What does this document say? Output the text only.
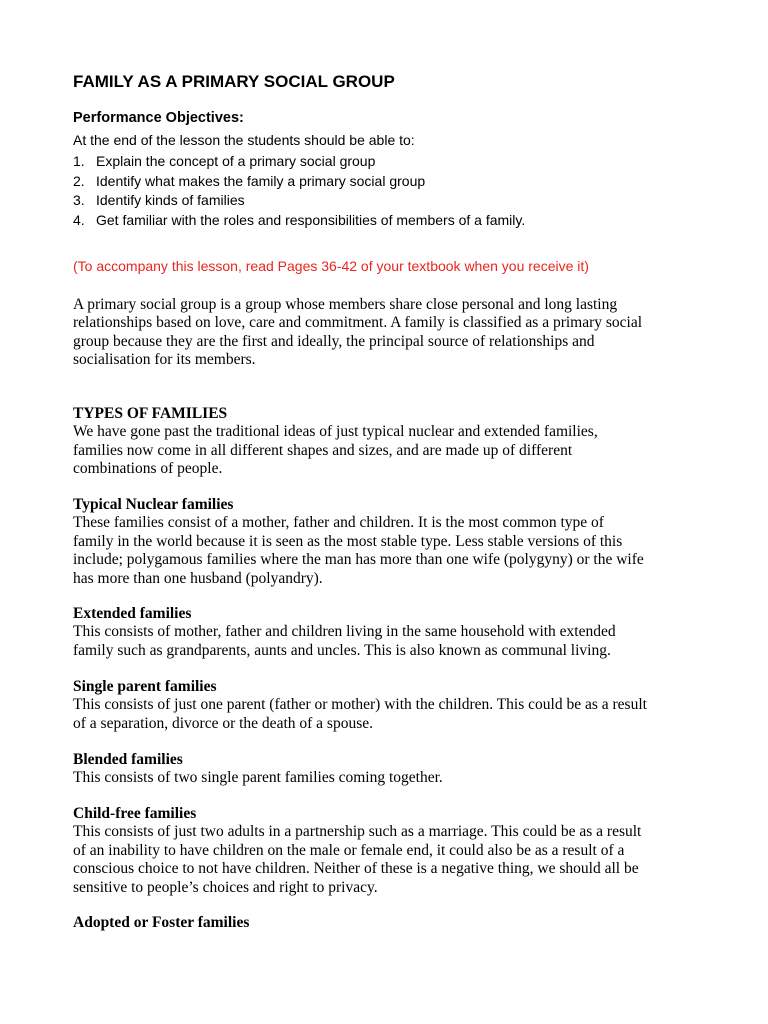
FAMILY AS A PRIMARY SOCIAL GROUP
Performance Objectives:
At the end of the lesson the students should be able to:
1. Explain the concept of a primary social group
2. Identify what makes the family a primary social group
3. Identify kinds of families
4. Get familiar with the roles and responsibilities of members of a family.
(To accompany this lesson, read Pages 36-42 of your textbook when you receive it)

A primary social group is a group whose members share close personal and long lasting

relationships based on love, care and commitment. A family is classified as a primary social

group because they are the first and ideally, the principal source of relationships and

socialisation for its members.

TYPES OF FAMILIES

We have gone past the traditional ideas of just typical nuclear and extended families,

families now come in all different shapes and sizes, and are made up of different

combinations of people.

Typical Nuclear families

These families consist of a mother, father and children. It is the most common type of

family in the world because it is seen as the most stable type. Less stable versions of this

include; polygamous families where the man has more than one wife (polygyny) or the wife

has more than one husband (polyandry).

Extended families

This consists of mother, father and children living in the same household with extended

family such as grandparents, aunts and uncles. This is also known as communal living.

Single parent families

This consists of just one parent (father or mother) with the children. This could be as a result

of a separation, divorce or the death of a spouse.

Blended families

This consists of two single parent families coming together.

Child-free families

This consists of just two adults in a partnership such as a marriage. This could be as a result

of an inability to have children on the male or female end, it could also be as a result of a

conscious choice to not have children. Neither of these is a negative thing, we should all be

sensitive to people’s choices and right to privacy.

Adopted or Foster families
